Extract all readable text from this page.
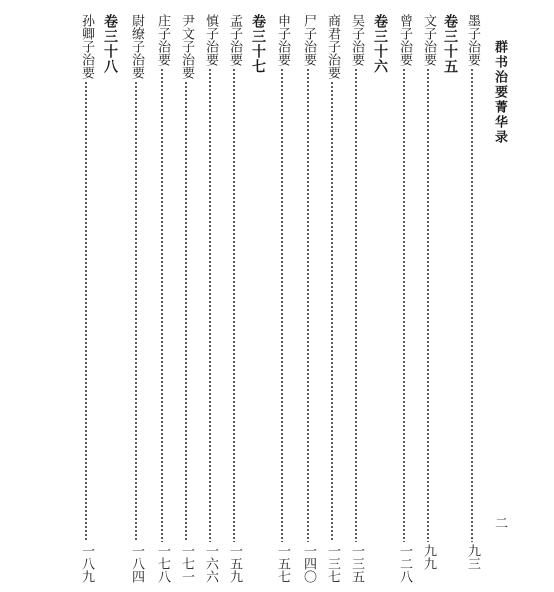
群书治要菁华录
二
墨子治要
九三
卷三十五
文子治要
九九
曾子治要
一二八
卷三十六
吴子治要
一三五
商君子治要
一三七
尸子治要
一四〇
申子治要
一五七
卷三十七
孟子治要
一五九
慎子治要
一六六
尹文子治要
一七一
庄子治要
一七八
尉缭子治要
一八四
卷三十八
孙卿子治要
一八九
